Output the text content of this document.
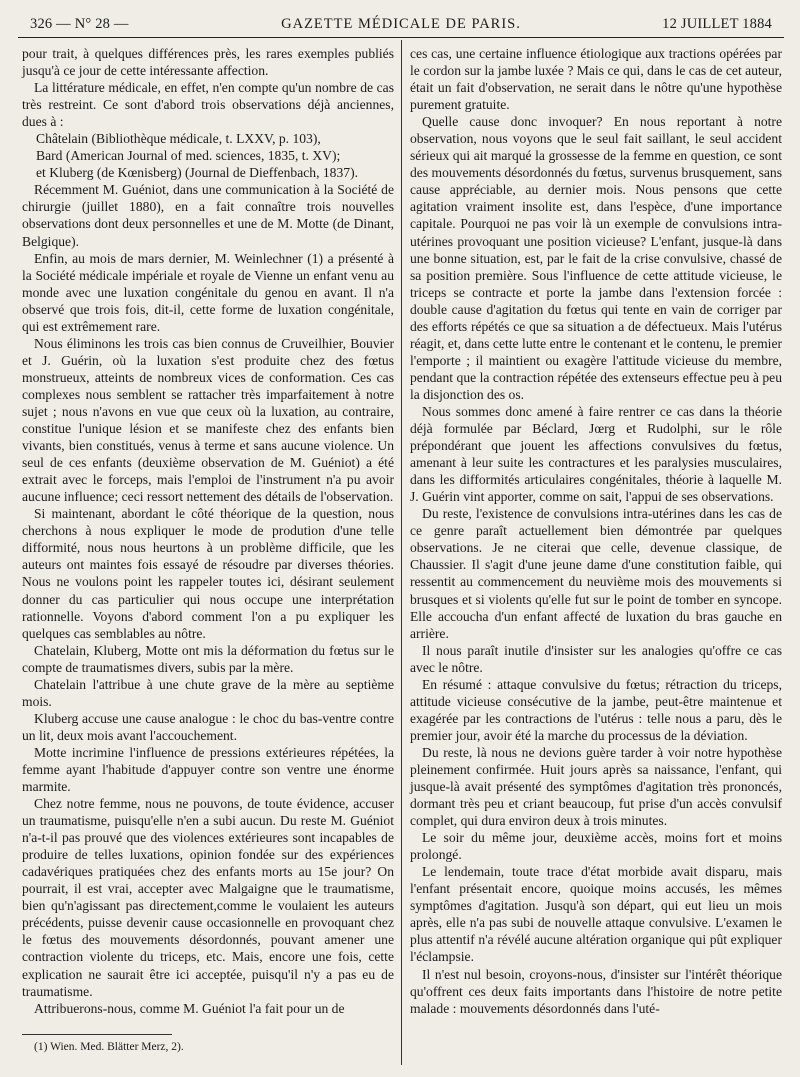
326 — N° 28 —	GAZETTE MÉDICALE DE PARIS.	12 JUILLET 1884

pour trait, à quelques différences près, les rares exemples publiés jusqu'à ce jour de cette intéressante affection.

La littérature médicale, en effet, n'en compte qu'un nombre de cas très restreint. Ce sont d'abord trois observations déjà anciennes, dues à :

Châtelain (Bibliothèque médicale, t. LXXV, p. 103),

Bard (American Journal of med. sciences, 1835, t. XV);

et Kluberg (de Kœnisberg) (Journal de Dieffenbach, 1837).

Récemment M. Guéniot, dans une communication à la Société de chirurgie (juillet 1880), en a fait connaître trois nouvelles observations dont deux personnelles et une de M. Motte (de Dinant, Belgique).

Enfin, au mois de mars dernier, M. Weinlechner (1) a présenté à la Société médicale impériale et royale de Vienne un enfant venu au monde avec une luxation congénitale du genou en avant. Il n'a observé que trois fois, dit-il, cette forme de luxation congénitale, qui est extrêmement rare.

Nous éliminons les trois cas bien connus de Cruveilhier, Bouvier et J. Guérin, où la luxation s'est produite chez des fœtus monstrueux, atteints de nombreux vices de conformation. Ces cas complexes nous semblent se rattacher très imparfaitement à notre sujet ; nous n'avons en vue que ceux où la luxation, au contraire, constitue l'unique lésion et se manifeste chez des enfants bien vivants, bien constitués, venus à terme et sans aucune violence. Un seul de ces enfants (deuxième observation de M. Guéniot) a été extrait avec le forceps, mais l'emploi de l'instrument n'a pu avoir aucune influence; ceci ressort nettement des détails de l'observation.

Si maintenant, abordant le côté théorique de la question, nous cherchons à nous expliquer le mode de prodution d'une telle difformité, nous nous heurtons à un problème difficile, que les auteurs ont maintes fois essayé de résoudre par diverses théories. Nous ne voulons point les rappeler toutes ici, désirant seulement donner du cas particulier qui nous occupe une interprétation rationnelle. Voyons d'abord comment l'on a pu expliquer les quelques cas semblables au nôtre.

Chatelain, Kluberg, Motte ont mis la déformation du fœtus sur le compte de traumatismes divers, subis par la mère.

Chatelain l'attribue à une chute grave de la mère au septième mois.

Kluberg accuse une cause analogue : le choc du bas-ventre contre un lit, deux mois avant l'accouchement.

Motte incrimine l'influence de pressions extérieures répétées, la femme ayant l'habitude d'appuyer contre son ventre une énorme marmite.

Chez notre femme, nous ne pouvons, de toute évidence, accuser un traumatisme, puisqu'elle n'en a subi aucun. Du reste M. Guéniot n'a-t-il pas prouvé que des violences extérieures sont incapables de produire de telles luxations, opinion fondée sur des expériences cadavériques pratiquées chez des enfants morts au 15e jour? On pourrait, il est vrai, accepter avec Malgaigne que le traumatisme, bien qu'n'agissant pas directement,comme le voulaient les auteurs précédents, puisse devenir cause occasionnelle en provoquant chez le fœtus des mouvements désordonnés, pouvant amener une contraction violente du triceps, etc. Mais, encore une fois, cette explication ne saurait être ici acceptée, puisqu'il n'y a pas eu de traumatisme.

Attribuerons-nous, comme M. Guéniot l'a fait pour un de

(1) Wien. Med. Blätter Merz, 2).

ces cas, une certaine influence étiologique aux tractions opérées par le cordon sur la jambe luxée ? Mais ce qui, dans le cas de cet auteur, était un fait d'observation, ne serait dans le nôtre qu'une hypothèse purement gratuite.

Quelle cause donc invoquer? En nous reportant à notre observation, nous voyons que le seul fait saillant, le seul accident sérieux qui ait marqué la grossesse de la femme en question, ce sont des mouvements désordonnés du fœtus, survenus brusquement, sans cause appréciable, au dernier mois. Nous pensons que cette agitation vraiment insolite est, dans l'espèce, d'une importance capitale. Pourquoi ne pas voir là un exemple de convulsions intra-utérines provoquant une position vicieuse? L'enfant, jusque-là dans une bonne situation, est, par le fait de la crise convulsive, chassé de sa position première. Sous l'influence de cette attitude vicieuse, le triceps se contracte et porte la jambe dans l'extension forcée : double cause d'agitation du fœtus qui tente en vain de corriger par des efforts répétés ce que sa situation a de défectueux. Mais l'utérus réagit, et, dans cette lutte entre le contenant et le contenu, le premier l'emporte ; il maintient ou exagère l'attitude vicieuse du membre, pendant que la contraction répétée des extenseurs effectue peu à peu la disjonction des os.

Nous sommes donc amené à faire rentrer ce cas dans la théorie déjà formulée par Béclard, Jœrg et Rudolphi, sur le rôle prépondérant que jouent les affections convulsives du fœtus, amenant à leur suite les contractures et les paralysies musculaires, dans les difformités articulaires congénitales, théorie à laquelle M. J. Guérin vint apporter, comme on sait, l'appui de ses observations.

Du reste, l'existence de convulsions intra-utérines dans les cas de ce genre paraît actuellement bien démontrée par quelques observations. Je ne citerai que celle, devenue classique, de Chaussier. Il s'agit d'une jeune dame d'une constitution faible, qui ressentit au commencement du neuvième mois des mouvements si brusques et si violents qu'elle fut sur le point de tomber en syncope. Elle accoucha d'un enfant affecté de luxation du bras gauche en arrière.

Il nous paraît inutile d'insister sur les analogies qu'offre ce cas avec le nôtre.

En résumé : attaque convulsive du fœtus; rétraction du triceps, attitude vicieuse consécutive de la jambe, peut-être maintenue et exagérée par les contractions de l'utérus : telle nous a paru, dès le premier jour, avoir été la marche du processus de la déviation.

Du reste, là nous ne devions guère tarder à voir notre hypothèse pleinement confirmée. Huit jours après sa naissance, l'enfant, qui jusque-là avait présenté des symptômes d'agitation très prononcés, dormant très peu et criant beaucoup, fut prise d'un accès convulsif complet, qui dura environ deux à trois minutes.

Le soir du même jour, deuxième accès, moins fort et moins prolongé.

Le lendemain, toute trace d'état morbide avait disparu, mais l'enfant présentait encore, quoique moins accusés, les mêmes symptômes d'agitation. Jusqu'à son départ, qui eut lieu un mois après, elle n'a pas subi de nouvelle attaque convulsive. L'examen le plus attentif n'a révélé aucune altération organique qui pût expliquer l'éclampsie.

Il n'est nul besoin, croyons-nous, d'insister sur l'intérêt théorique qu'offrent ces deux faits importants dans l'histoire de notre petite malade : mouvements désordonnés dans l'uté-
